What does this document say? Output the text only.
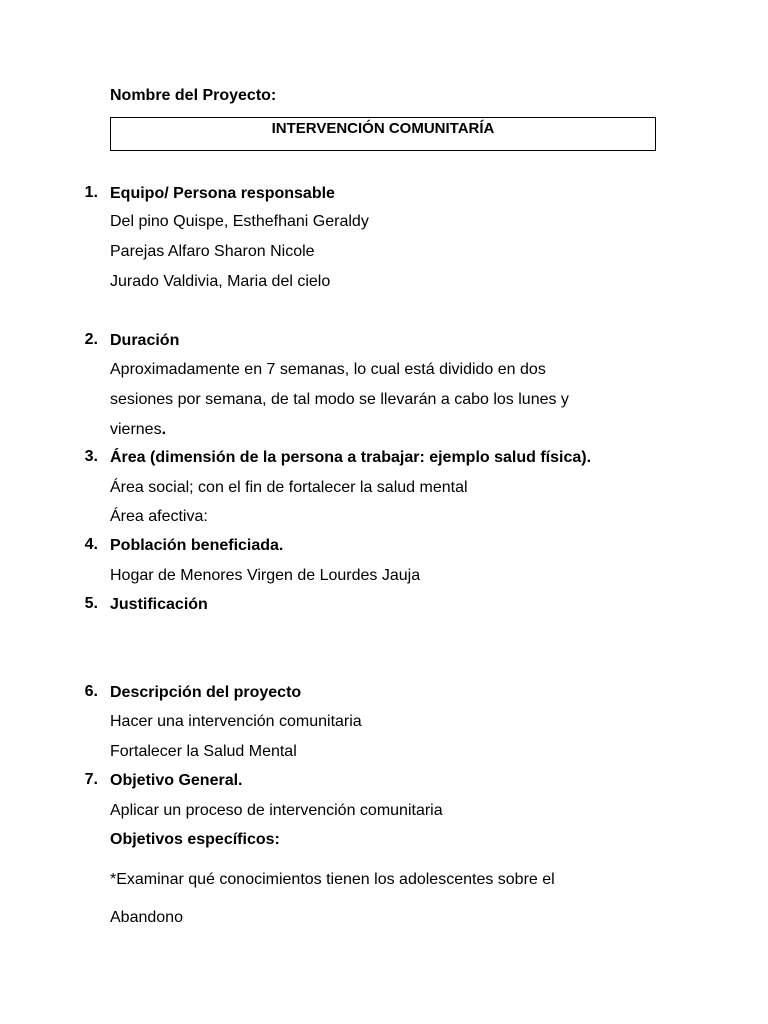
Nombre del Proyecto:
INTERVENCIÓN COMUNITARÍA
1. Equipo/ Persona responsable
Del pino Quispe, Esthefhani Geraldy
Parejas Alfaro Sharon Nicole
Jurado Valdivia, Maria del cielo
2. Duración
Aproximadamente en 7 semanas, lo cual está dividido en dos
sesiones por semana, de tal modo se llevarán a cabo los lunes y
viernes.
3. Área (dimensión de la persona a trabajar: ejemplo salud física).
Área social; con el fin de fortalecer la salud mental
Área afectiva:
4. Población beneficiada.
Hogar de Menores Virgen de Lourdes Jauja
5. Justificación
6. Descripción del proyecto
Hacer una intervención comunitaria
Fortalecer la Salud Mental
7. Objetivo General.
Aplicar un proceso de intervención comunitaria
Objetivos específicos:
*Examinar qué conocimientos tienen los adolescentes sobre el
Abandono
